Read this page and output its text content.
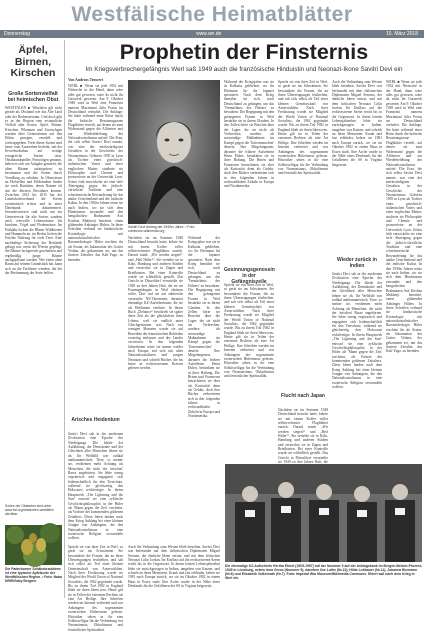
Westfälische Heimatblätter
Donnerstag	www.wn.de	15. März 2018
Äpfel, Birnen, Kirschen
Große Sortenvielfalt bei heimischen Obst
WESTFALEN ■ Westfalen gilt nicht gerade als Obstland wie das Alte Land oder der Bodenseeraum. Und doch gibt es in der Region eine erstaunliche Vielfalt alter Sorten. Äpfel, Birnen, Kirschen, Pflaumen und Zwetschgen wurden über Generationen auf den Höfen gezogen, veredelt und weitergegeben. Viele dieser Sorten sind heute vom Aussterben bedroht, seit der Erwerbsobstbau auf wenige ertragreiche Sorten setzt. Obstbaumkundler, Pomologen genannt, haben es sich zur Aufgabe gemacht, die alten Bäume aufzuspüren, zu bestimmen und die Sorten durch Veredlung zu erhalten. In Obstwiesen an Hofstellen und Feldrändern finden sie noch Raritäten, deren Namen oft nur die ältesten Bewohner kennen. Zwischen 2012 bis 2015 hat der Landschaftsverband die Sorten systematisch erfasst und in einer Datenbank dokumentiert. Streuobstwiesen sind nicht nur ein Genreservoir für alte Sorten, sondern auch wertvolle Lebensräume für Insekten, Vögel und Fledermäuse. Im Frühjahr locken die Blüten Wildbienen und Hummeln an, im Herbst liefern die Früchte Nahrung für viele Tiere. Eine nachhaltige Sicherung der Bestände gelingt nur, wenn die Wiesen gepflegt, die Bäume fachgerecht geschnitten und regelmäßig junge Bäume nachgepflanzt werden. Wer einen alten Baum auf seinem Grundstück hat, kann sich an die Fachleute wenden, die bei der Bestimmung der Sorte helfen.
Sorten der Obstarten sind unter www.lwl.org/obstsorten-westfalen abrufbar.
Die Paderborner Schäbekrautbirne ist eine typische Apfelsorte der Westfälischen Region. • Foto: Naba NRW/Gaby Bergner
Prophetin der Finsternis
Im Kriegsverbrechergefängnis Werl saß 1949 auch die französische Hinduistin und Neonazi-Ikone Savitri Devi ein
Von Andreas Tenwert
WERL ■ Wenn sie jede 1932 mit Nietzsche in der Hand, dann wäre alles gut gewesen, wäre da nicht ihr Gastwerk gewesen: Am 9. Oktober 1949 wird in Werl eine Französin namens Maximiani Julia Portas im Deutschland verhaftet. Die Anklage: Sie hatte während einer Reise durch die britische Besatzungszone Flugblätter verteilt, auf denen sie zum Widerstand gegen die Alliierten und zur Wiederbelebung des Nationalsozialismus aufrief. Die Frau, die sich selbst Savitri Devi nannte, war eine der merkwürdigsten Gestalten in der Geschichte des Neonazismus. Geboren 1905 in Lyon als Tochter eines griechisch-italienischen Vaters und einer englischen Mutter, studierte sie Philosophie und Chemie und promovierte an der Universität Lyon. Schon früh entwickelte sie eine tiefe Abneigung gegen die jüdisch-christliche Tradition und eine schwärmerische Bewunderung für das antike Griechenland und die indische Kultur. In den 1930er Jahren reiste sie nach Indien, wo sie sich dem Hinduismus zuwandte und den bengalischen Brahmanen Asit Krishna Mukherji heiratete, einen glühenden Anhänger Hitlers. In ihren Schriften verband sie hinduistische Kosmologie mit nationalsozialistischer Rassenideologie. Hitler erschien ihr als Avatar, als Inkarnation des Gottes Vishnu, der gekommen sei, um das finstere Zeitalter, das Kali-Yuga, zu beenden.
Arisches Heidentum
Savitri Devi sah in der modernen Zivilisation eine Epoche des Niedergangs. Die Ideale der Aufklärung, der Demokratie und der Gleichheit aller Menschen lehnte sie ab. Ihr Weltbild war radikal antihumanistisch: Tiere, so meinte sie, verdienten mehr Achtung als Menschen, die nicht der 'arischen' Rasse angehörten. Sie lebte streng vegetarisch und engagierte sich leidenschaftlich für den Tierschutz, während sie gleichzeitig den Holocaust rechtfertigte. In ihrem Hauptwerk „The Lightning and the Sun“ entwarf sie eine zyklische Geschichtsphilosophie, in der Hitler als 'Mann gegen die Zeit' erscheint, als Vorbote des kommenden goldenen Zeitalters. Diese Ideen fanden nach dem Krieg Anklang bei einer kleinen Gruppe von Anhängern, die den Nationalsozialismus in eine esoterische Religion verwandeln wollten.
Savitri Devi Anfang der 1940er Jahre. • Foto: commons.wikimedia.org
Nachdem sie im Sommer 1948 Deutschland besucht hatte, kehrte sie mit einem Koffer voller selbstverfasster Flugblätter zurück. Darauf stand: „Wir werden siegen!“ und „Heil Hitler!“. Sie verteilte sie in Köln, Hamburg und anderen Städten und versteckte sie in Zügen und Briefkästen. Bei einer Kontrolle wurde sie schließlich gestellt. Das Gericht in Düsseldorf verurteilte sie 1949 zu drei Jahren Haft, die sie im Frauengefängnis in Werl absitzen sollte. Dort traf sie auf zahlreiche verurteilte NS-Täterinnen, darunter ehemalige KZ-Aufseherinnen, die sie als Heldinnen verehrte. In ihrem Buch „Defiance“ beschrieb sie später diese Zeit als die glücklichste ihres Lebens, weil sie endlich unter Gleichgesinnten war. Nach nur wenigen Monaten wurde sie auf Betreiben der französischen Behörden vorzeitig entlassen und des Landes verwiesen. In den folgenden Jahrzehnten reiste sie immer wieder nach Europa, traf sich mit alten Nationalsozialisten und jungen Neonazis und schrieb Bücher, die bis heute in rechtsextremen Kreisen gelesen werden.
Während der Kriegsjahre war sie in Kalkutta geblieben, wo ihr Ehemann für die Japaner spionierte. Nach dem Krieg bemühte sie sich, nach Deutschland zu gelangen, um das 'Vermächtnis des Führers' zu bewahren. Die Begegnung mit den gefangenen Frauen in Werl bestärkte sie in ihrem Glauben. In den Zellen hörte sie Berichte über die Lager, die sie nicht als Verbrechen, sondern als notwendige Maßnahmen im Kampf gegen die 'Untermenschen' deutete. Ihre Mitgefangenen, darunter die frühere Aufseherin Herta Ehlert, bestärkten sie in ihrer Haltung. Die Briten und Franzosen betrachteten sie eher als Kuriosität denn als Gefahr, doch ihre Bücher verbreiteten sich in den folgenden Jahren in rechtsradikalen Zirkeln in Europa und Nordamerika.
Während der Kriegsjahre war sie in Kalkutta geblieben, wo ihr Ehemann für die Japaner spionierte. Nach dem Krieg bemühte sie sich, nach Deutschland zu gelangen, um das 'Vermächtnis des Führers' zu bewahren. Die Begegnung mit den gefangenen Frauen in Werl bestärkte sie in ihrem Glauben. In den Zellen hörte sie Berichte über die Lager, die sie nicht als Verbrechen, sondern als notwendige Maßnahmen im Kampf gegen die 'Untermenschen' deutete. Ihre Mitgefangenen, darunter die frühere Aufseherin Herta Ehlert, bestärkten sie in ihrer Haltung. Die Briten und Franzosen betrachteten sie eher als Kuriosität denn als Gefahr, doch ihre Bücher verbreiteten sich in den folgenden Jahren in rechtsradikalen Zirkeln in Europa und Nordamerika.
Gesinnungsgenossin in der Gefängniszelle
Spricht sie von ihrer Zeit in Werl, so gerät sie ins Schwärmen. Sie bewunderte die Frauen, die an ihren Überzeugungen festhielten, und sah sich selbst als Teil einer kleinen Gemeinschaft von Auserwählten. Nach ihrer Freilassung wurde sie Mitglied der World Union of National Socialists, die 1962 gegründet wurde. Bis zu ihrem Tod 1982 in England blieb sie ihren Ideen treu. Heute gilt sie in Teilen der extremen Rechten als eine Art Heilige. Ihre Schriften werden im Internet verbreitet und von Anhängern des sogenannten esoterischen Hitlerismus gelesen. Historiker sehen in ihr eine Schlüsselfigur für die Verbindung von Neonazismus, Okkultismus und fernöstlicher Spiritualität.
Spricht sie von ihrer Zeit in Werl, so gerät sie ins Schwärmen. Sie bewunderte die Frauen, die an ihren Überzeugungen festhielten, und sah sich selbst als Teil einer kleinen Gemeinschaft von Auserwählten. Nach ihrer Freilassung wurde sie Mitglied der World Union of National Socialists, die 1962 gegründet wurde. Bis zu ihrem Tod 1982 in England blieb sie ihren Ideen treu. Heute gilt sie in Teilen der extremen Rechten als eine Art Heilige. Ihre Schriften werden im Internet verbreitet und von Anhängern des sogenannten esoterischen Hitlerismus gelesen. Historiker sehen in ihr eine Schlüsselfigur für die Verbindung von Neonazismus, Okkultismus und fernöstlicher Spiritualität.
Flucht nach Japan
Nachdem sie im Sommer 1948 Deutschland besucht hatte, kehrte sie mit einem Koffer voller selbstverfasster Flugblätter zurück. Darauf stand: „Wir werden siegen!“ und „Heil Hitler!“. Sie verteilte sie in Köln, Hamburg und anderen Städten und versteckte sie in Zügen und Briefkästen. Bei einer Kontrolle wurde sie schließlich gestellt. Das Gericht in Düsseldorf verurteilte sie 1949 zu drei Jahren Haft, die
Auch die Verbindung zum Westen blieb bestehen. Savitri Devi war befreundet mit dem chilenischen Diplomaten Miguel Serrano, der ähnliche Ideen vertrat, und mit dem britischen Neonazi Colin Jordan. Ihr Einfluss auf die rechtsextreme Szene reicht bis in die Gegenwart. In ihrem letzten Lebensjahrzehnt lebte sie zurückgezogen in Indien, umgeben von Katzen, und schrieb an ihren Memoiren. Krank und fast erblindet, kehrte sie 1981 nach Europa zurück, wo sie im Oktober 1982 in einem Haus in Essex starb. Ihre Asche wurde in der Nähe eines Denkmals für die Gefallenen der SS in Virginia beigesetzt.
Wieder zurück in Indien
Savitri Devi sah in der modernen Zivilisation eine Epoche des Niedergangs. Die Ideale der Aufklärung, der Demokratie und der Gleichheit aller Menschen lehnte sie ab. Ihr Weltbild war radikal antihumanistisch: Tiere, so meinte sie, verdienten mehr Achtung als Menschen, die nicht der 'arischen' Rasse angehörten. Sie lebte streng vegetarisch und engagierte sich leidenschaftlich für den Tierschutz, während sie gleichzeitig den Holocaust rechtfertigte. In ihrem Hauptwerk „The Lightning and the Sun“ entwarf sie eine zyklische Geschichtsphilosophie, in der Hitler als 'Mann gegen die Zeit' erscheint, als Vorbote des kommenden goldenen Zeitalters. Diese Ideen fanden nach dem Krieg Anklang bei einer kleinen Gruppe von Anhängern, die den Nationalsozialismus in eine esoterische Religion verwandeln wollten.
WERL ■ Wenn sie jede 1932 mit Nietzsche in der Hand, dann wäre alles gut gewesen, wäre da nicht ihr Gastwerk gewesen: Am 9. Oktober 1949 wird in Werl eine Französin namens Maximiani Julia Portas im Deutschland verhaftet. Die Anklage: Sie hatte während einer Reise durch die britische Besatzungszone Flugblätter verteilt, auf denen sie zum Widerstand gegen die Alliierten und zur Wiederbelebung des Nationalsozialismus aufrief. Die Frau, die sich selbst Savitri Devi nannte, war eine der merkwürdigsten Gestalten in der Geschichte des Neonazismus. Geboren 1905 in Lyon als Tochter eines griechisch-italienischen Vaters und einer englischen Mutter, studierte sie Philosophie und Chemie und promovierte an der Universität Lyon. Schon früh entwickelte sie eine tiefe Abneigung gegen die jüdisch-christliche Tradition und eine schwärmerische Bewunderung für das antike Griechenland und die indische Kultur. In den 1930er Jahren reiste sie nach Indien, wo sie sich dem Hinduismus zuwandte und den bengalischen Brahmanen Asit Krishna Mukherji heiratete, einen glühenden Anhänger Hitlers. In ihren Schriften verband sie hinduistische Kosmologie mit nationalsozialistischer Rassenideologie. Hitler erschien ihr als Avatar, als Inkarnation des Gottes Vishnu, der gekommen sei, um das finstere Zeitalter, das Kali-Yuga, zu beenden.
Die ehemalige KZ-Aufseherin Hertha Ehlert (1905-1997) mit der Nummer 9 auf der Anklagebank im Bergen-Belsen-Prozess 1945 in Lüneburg, neben Irma Grese (Nummer 9), daneben Ilse Lothe (Nr.10), Hilde Lohbauer (Nr.11), Johanna Bormann (Nr.6) und Elisabeth Volkenrath (Nr.7). Foto: Imperial War Museum/Wikimedia Commons. Ehlert saß nach dem Krieg in Werl ein.
Auch die Verbindung zum Westen blieb bestehen. Savitri Devi war befreundet mit dem chilenischen Diplomaten Miguel Serrano, der ähnliche Ideen vertrat, und mit dem britischen Neonazi Colin Jordan. Ihr Einfluss auf die rechtsextreme Szene reicht bis in die Gegenwart. In ihrem letzten Lebensjahrzehnt lebte sie zurückgezogen in Indien, umgeben von Katzen, und schrieb an ihren Memoiren. Krank und fast erblindet, kehrte sie 1981 nach Europa zurück, wo sie im Oktober 1982 in einem Haus in Essex starb. Ihre Asche wurde in der Nähe eines Denkmals für die Gefallenen der SS in Virginia beigesetzt.
Spricht sie von ihrer Zeit in Werl, so gerät sie ins Schwärmen. Sie bewunderte die Frauen, die an ihren Überzeugungen festhielten, und sah sich selbst als Teil einer kleinen Gemeinschaft von Auserwählten. Nach ihrer Freilassung wurde sie Mitglied der World Union of National Socialists, die 1962 gegründet wurde. Bis zu ihrem Tod 1982 in England blieb sie ihren Ideen treu. Heute gilt sie in Teilen der extremen Rechten als eine Art Heilige. Ihre Schriften werden im Internet verbreitet und von Anhängern des sogenannten esoterischen Hitlerismus gelesen. Historiker sehen in ihr eine Schlüsselfigur für die Verbindung von Neonazismus, Okkultismus und fernöstlicher Spiritualität.
